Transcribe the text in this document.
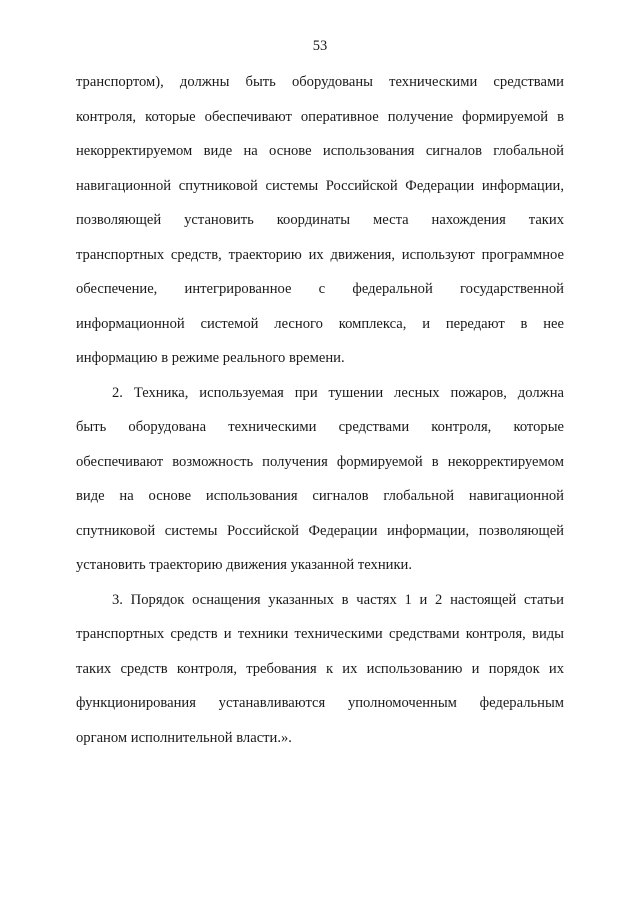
53
транспортом), должны быть оборудованы техническими средствами
контроля, которые обеспечивают оперативное получение формируемой в
некорректируемом виде на основе использования сигналов глобальной
навигационной спутниковой системы Российской Федерации информации,
позволяющей установить координаты места нахождения таких
транспортных средств, траекторию их движения, используют программное
обеспечение, интегрированное с федеральной государственной
информационной системой лесного комплекса, и передают в нее
информацию в режиме реального времени.
2. Техника, используемая при тушении лесных пожаров, должна
быть оборудована техническими средствами контроля, которые
обеспечивают возможность получения формируемой в некорректируемом
виде на основе использования сигналов глобальной навигационной
спутниковой системы Российской Федерации информации, позволяющей
установить траекторию движения указанной техники.
3. Порядок оснащения указанных в частях 1 и 2 настоящей статьи
транспортных средств и техники техническими средствами контроля, виды
таких средств контроля, требования к их использованию и порядок их
функционирования устанавливаются уполномоченным федеральным
органом исполнительной власти.».
